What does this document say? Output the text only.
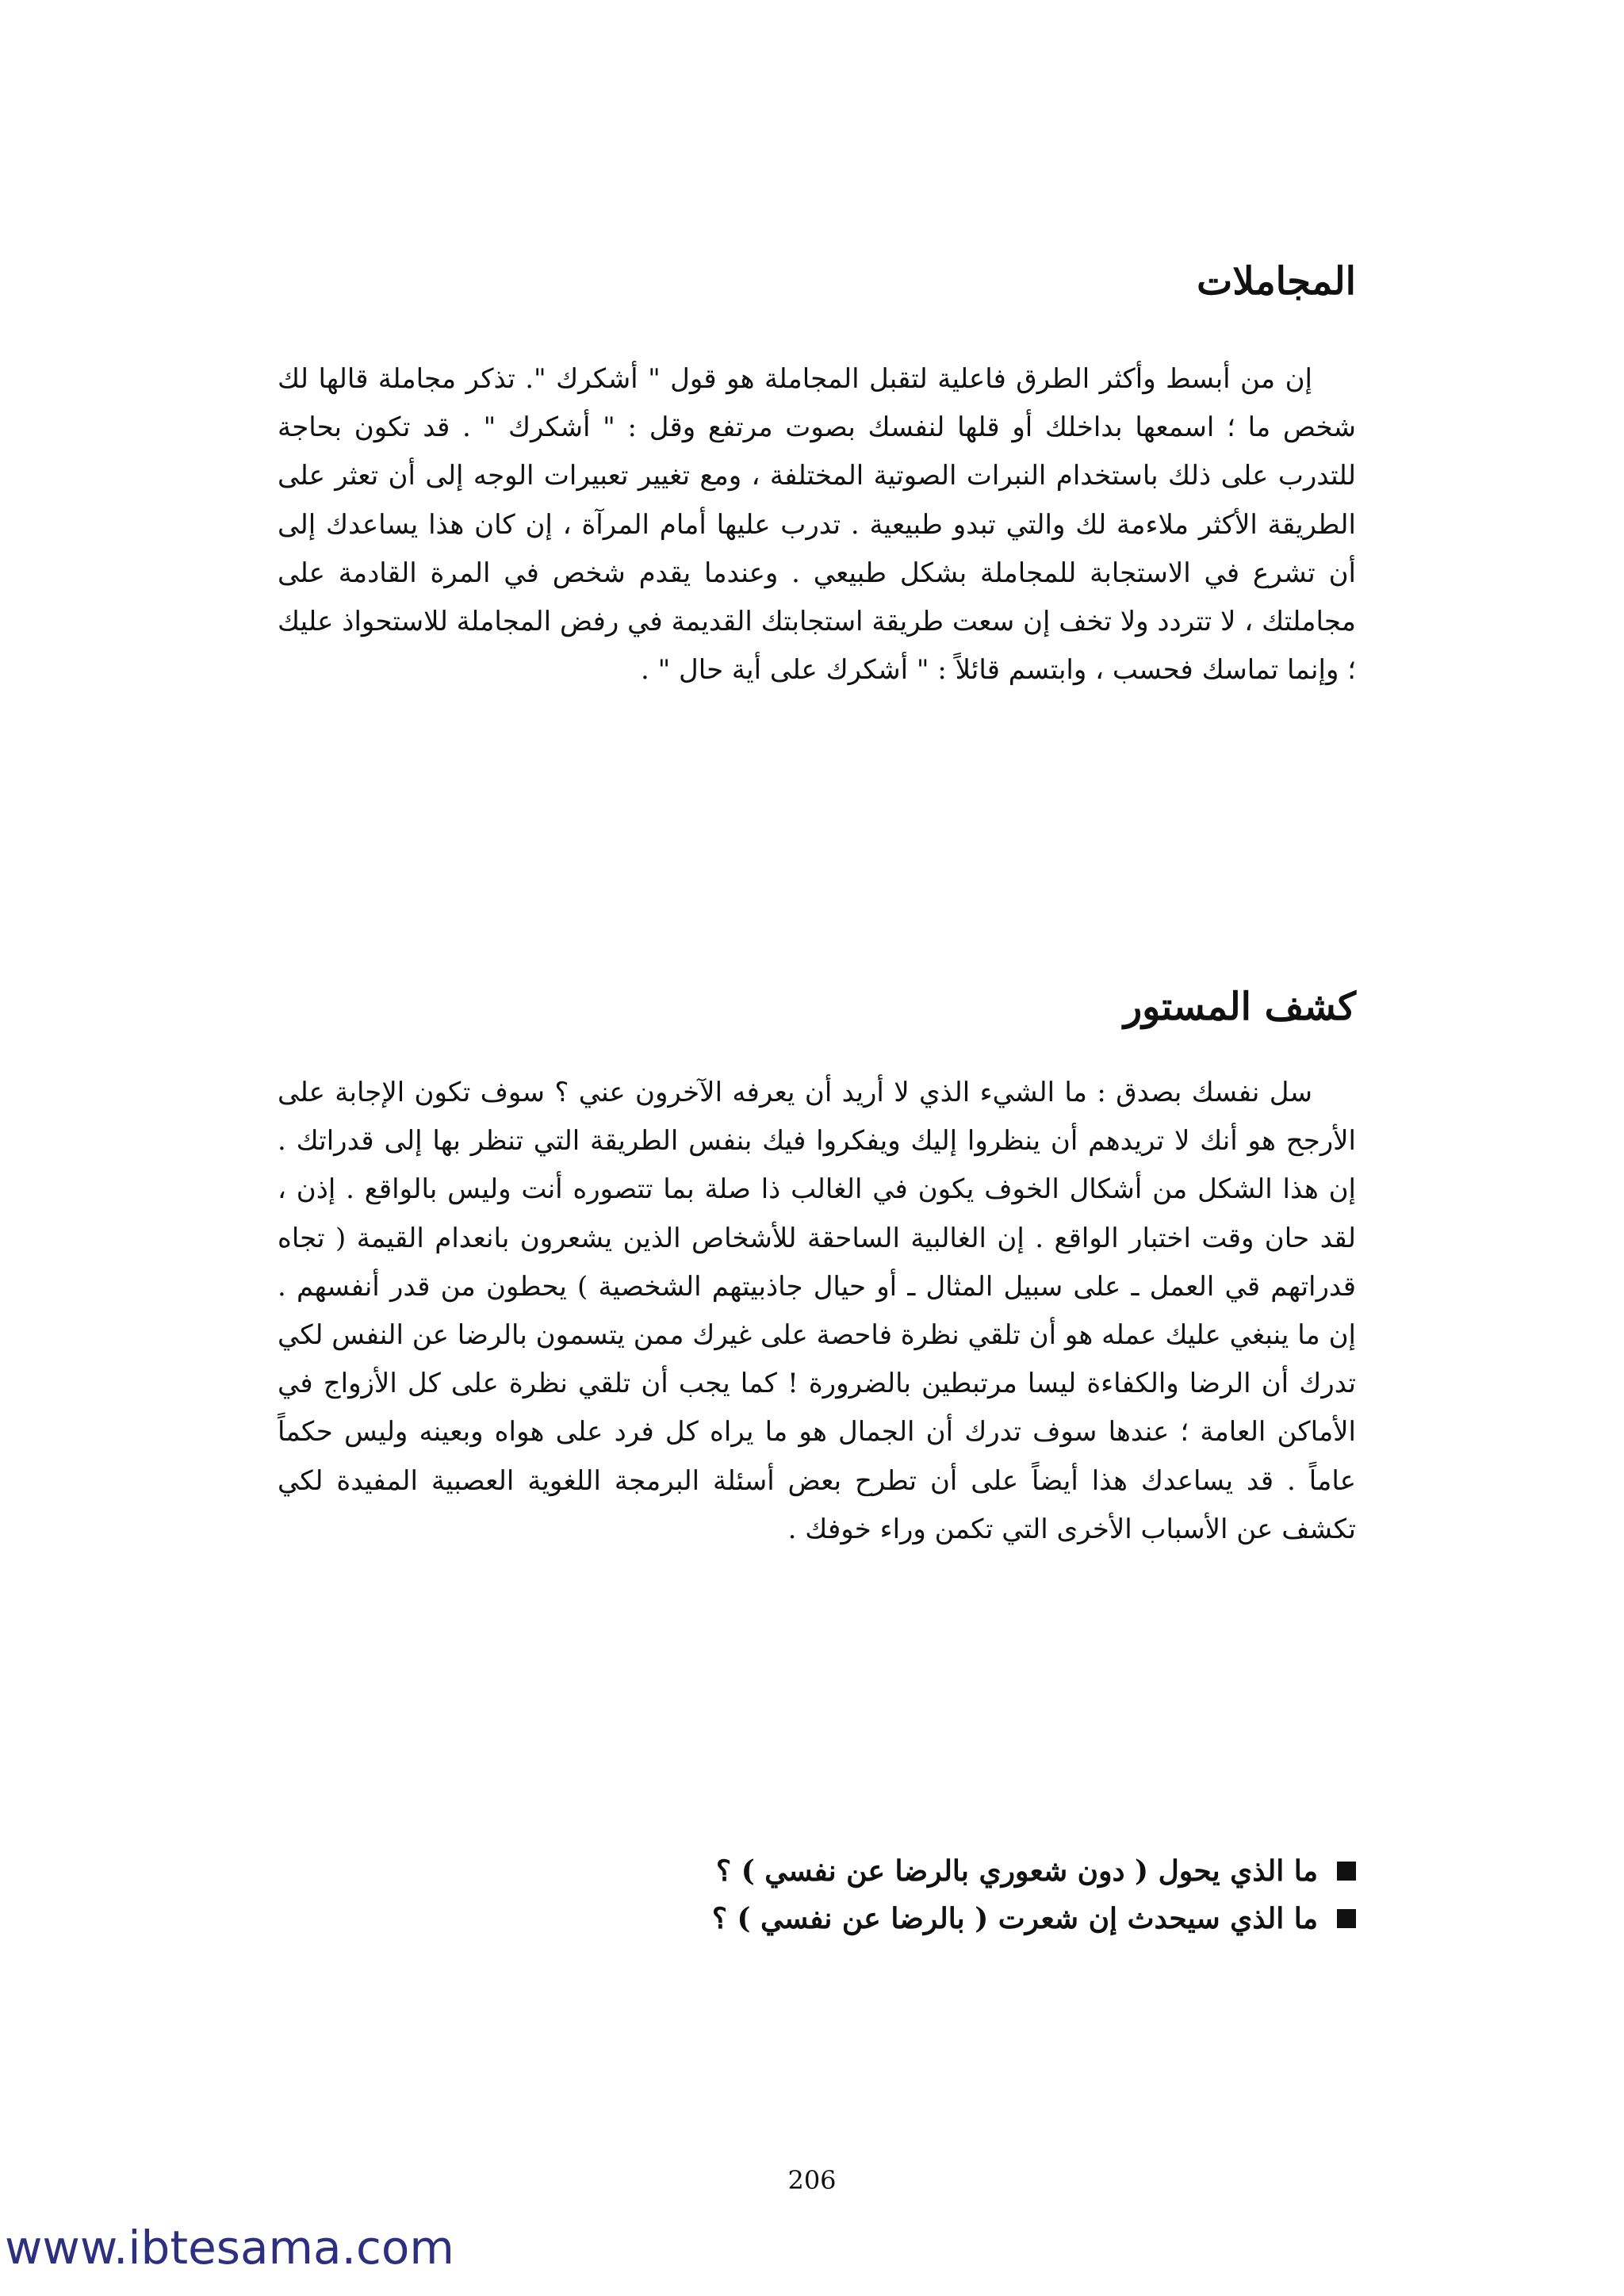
المجاملات

إن من أبسط وأكثر الطرق فاعلية لتقبل المجاملة هو قول " أشكرك ". تذكر مجاملة قالها لك شخص ما ؛ اسمعها بداخلك أو قلها لنفسك بصوت مرتفع وقل : " أشكرك " . قد تكون بحاجة للتدرب على ذلك باستخدام النبرات الصوتية المختلفة ، ومع تغيير تعبيرات الوجه إلى أن تعثر على الطريقة الأكثر ملاءمة لك والتي تبدو طبيعية . تدرب عليها أمام المرآة ، إن كان هذا يساعدك إلى أن تشرع في الاستجابة للمجاملة بشكل طبيعي . وعندما يقدم شخص في المرة القادمة على مجاملتك ، لا تتردد ولا تخف إن سعت طريقة استجابتك القديمة في رفض المجاملة للاستحواذ عليك ؛ وإنما تماسك فحسب ، وابتسم قائلاً : " أشكرك على أية حال " .

كشف المستور

سل نفسك بصدق : ما الشيء الذي لا أريد أن يعرفه الآخرون عني ؟ سوف تكون الإجابة على الأرجح هو أنك لا تريدهم أن ينظروا إليك ويفكروا فيك بنفس الطريقة التي تنظر بها إلى قدراتك . إن هذا الشكل من أشكال الخوف يكون في الغالب ذا صلة بما تتصوره أنت وليس بالواقع . إذن ، لقد حان وقت اختبار الواقع . إن الغالبية الساحقة للأشخاص الذين يشعرون بانعدام القيمة ( تجاه قدراتهم قي العمل ـ على سبيل المثال ـ أو حيال جاذبيتهم الشخصية ) يحطون من قدر أنفسهم . إن ما ينبغي عليك عمله هو أن تلقي نظرة فاحصة على غيرك ممن يتسمون بالرضا عن النفس لكي تدرك أن الرضا والكفاءة ليسا مرتبطين بالضرورة ! كما يجب أن تلقي نظرة على كل الأزواج في الأماكن العامة ؛ عندها سوف تدرك أن الجمال هو ما يراه كل فرد على هواه وبعينه وليس حكماً عاماً . قد يساعدك هذا أيضاً على أن تطرح بعض أسئلة البرمجة اللغوية العصبية المفيدة لكي تكشف عن الأسباب الأخرى التي تكمن وراء خوفك .

ما الذي يحول ( دون شعوري بالرضا عن نفسي ) ؟
ما الذي سيحدث إن شعرت ( بالرضا عن نفسي ) ؟
206
www.ibtesama.com
